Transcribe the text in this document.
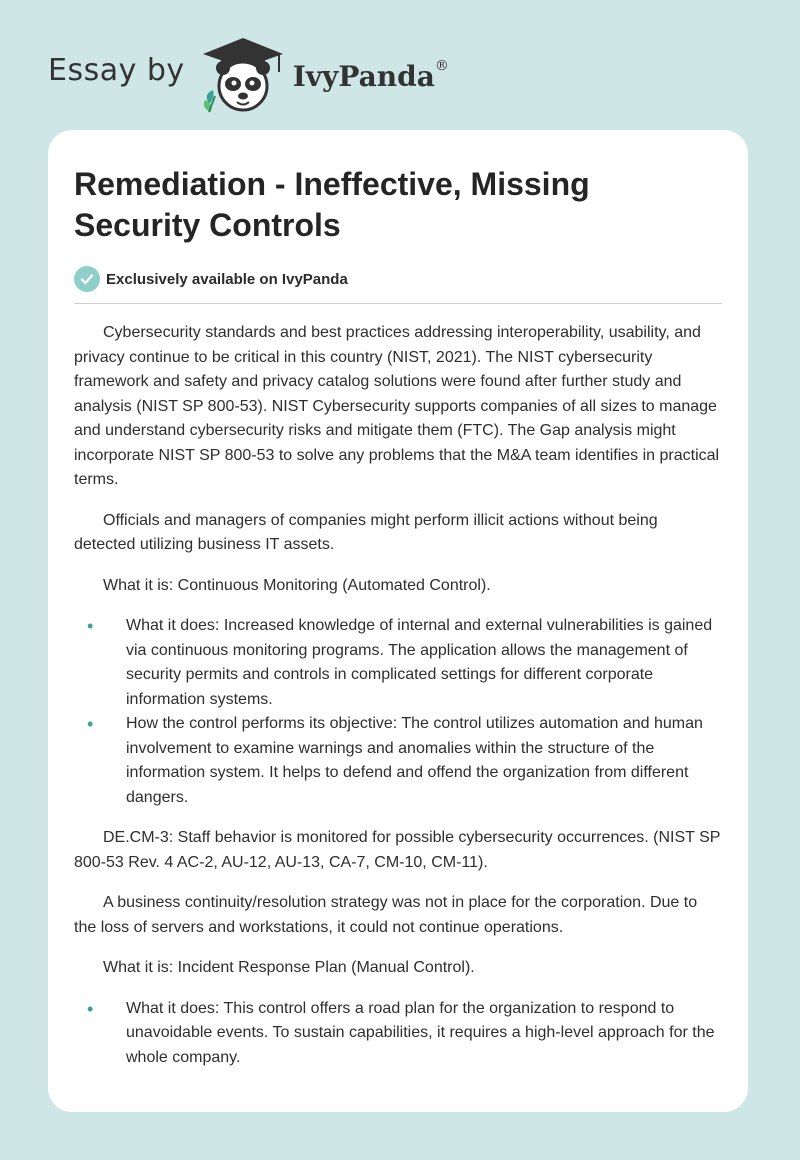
Essay by	IvyPanda®
Remediation - Ineffective, Missing Security Controls
Exclusively available on IvyPanda

Cybersecurity standards and best practices addressing interoperability, usability, and privacy continue to be critical in this country (NIST, 2021). The NIST cybersecurity framework and safety and privacy catalog solutions were found after further study and analysis (NIST SP 800-53). NIST Cybersecurity supports companies of all sizes to manage and understand cybersecurity risks and mitigate them (FTC). The Gap analysis might incorporate NIST SP 800-53 to solve any problems that the M&A team identifies in practical terms.

Officials and managers of companies might perform illicit actions without being detected utilizing business IT assets.

What it is: Continuous Monitoring (Automated Control).

• What it does: Increased knowledge of internal and external vulnerabilities is gained via continuous monitoring programs. The application allows the management of security permits and controls in complicated settings for different corporate information systems.
• How the control performs its objective: The control utilizes automation and human involvement to examine warnings and anomalies within the structure of the information system. It helps to defend and offend the organization from different dangers.

DE.CM-3: Staff behavior is monitored for possible cybersecurity occurrences. (NIST SP 800-53 Rev. 4 AC-2, AU-12, AU-13, CA-7, CM-10, CM-11).

A business continuity/resolution strategy was not in place for the corporation. Due to the loss of servers and workstations, it could not continue operations.

What it is: Incident Response Plan (Manual Control).

• What it does: This control offers a road plan for the organization to respond to unavoidable events. To sustain capabilities, it requires a high-level approach for the whole company.
